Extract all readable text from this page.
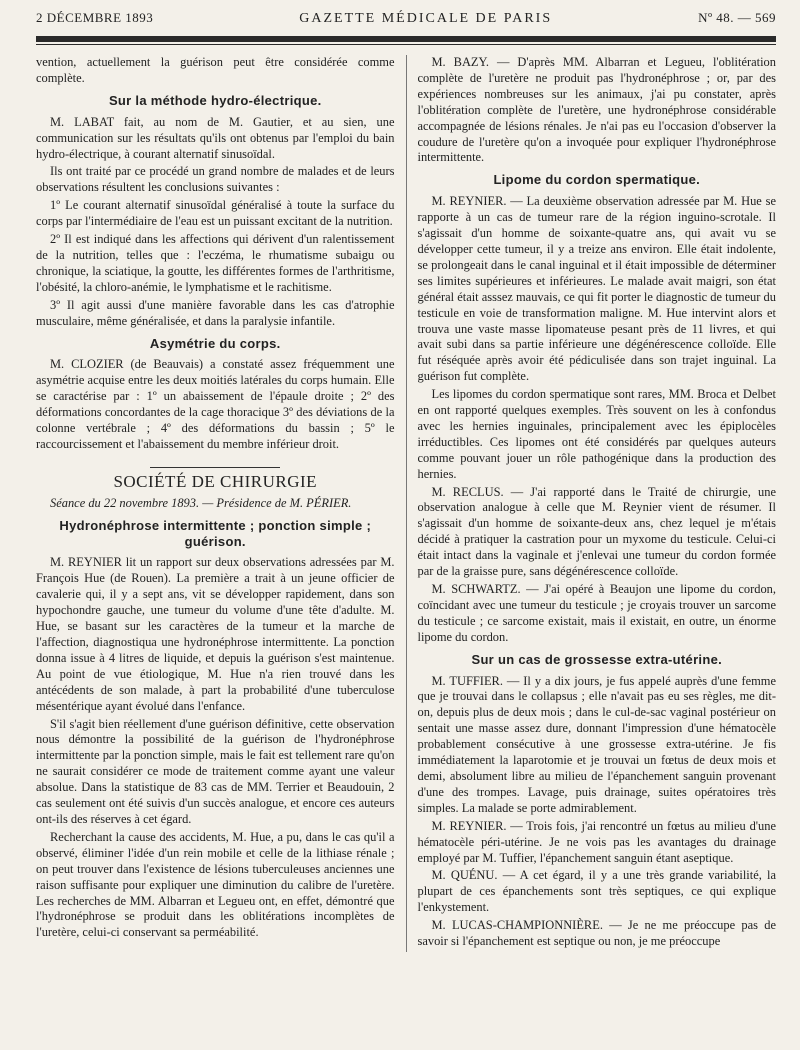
2 DÉCEMBRE 1893	GAZETTE MÉDICALE DE PARIS	Nº 48. — 569

vention, actuellement la guérison peut être considérée comme complète.

Sur la méthode hydro-électrique.

M. LABAT fait, au nom de M. Gautier, et au sien, une communication sur les résultats qu'ils ont obtenus par l'emploi du bain hydro-électrique, à courant alternatif sinusoïdal.

Ils ont traité par ce procédé un grand nombre de malades et de leurs observations résultent les conclusions suivantes :

1º Le courant alternatif sinusoïdal généralisé à toute la surface du corps par l'intermédiaire de l'eau est un puissant excitant de la nutrition.

2º Il est indiqué dans les affections qui dérivent d'un ralentissement de la nutrition, telles que : l'eczéma, le rhumatisme subaigu ou chronique, la sciatique, la goutte, les différentes formes de l'arthritisme, l'obésité, la chloro-anémie, le lymphatisme et le rachitisme.

3º Il agit aussi d'une manière favorable dans les cas d'atrophie musculaire, même généralisée, et dans la paralysie infantile.

Asymétrie du corps.

M. CLOZIER (de Beauvais) a constaté assez fréquemment une asymétrie acquise entre les deux moitiés latérales du corps humain. Elle se caractérise par : 1º un abaissement de l'épaule droite ; 2º des déformations concordantes de la cage thoracique 3º des déviations de la colonne vertébrale ; 4º des déformations du bassin ; 5º le raccourcissement et l'abaissement du membre inférieur droit.

SOCIÉTÉ DE CHIRURGIE

Séance du 22 novembre 1893. — Présidence de M. PÉRIER.

Hydronéphrose intermittente ; ponction simple ; guérison.

M. REYNIER lit un rapport sur deux observations adressées par M. François Hue (de Rouen). La première a trait à un jeune officier de cavalerie qui, il y a sept ans, vit se développer rapidement, dans son hypochondre gauche, une tumeur du volume d'une tête d'adulte. M. Hue, se basant sur les caractères de la tumeur et la marche de l'affection, diagnostiqua une hydronéphrose intermittente. La ponction donna issue à 4 litres de liquide, et depuis la guérison s'est maintenue. Au point de vue étiologique, M. Hue n'a rien trouvé dans les antécédents de son malade, à part la probabilité d'une tuberculose mésentérique ayant évolué dans l'enfance.

S'il s'agit bien réellement d'une guérison définitive, cette observation nous démontre la possibilité de la guérison de l'hydronéphrose intermittente par la ponction simple, mais le fait est tellement rare qu'on ne saurait considérer ce mode de traitement comme ayant une valeur absolue. Dans la statistique de 83 cas de MM. Terrier et Beaudouin, 2 cas seulement ont été suivis d'un succès analogue, et encore ces auteurs ont-ils des réserves à cet égard.

Recherchant la cause des accidents, M. Hue, a pu, dans le cas qu'il a observé, éliminer l'idée d'un rein mobile et celle de la lithiase rénale ; on peut trouver dans l'existence de lésions tuberculeuses anciennes une raison suffisante pour expliquer une diminution du calibre de l'uretère. Les recherches de MM. Albarran et Legueu ont, en effet, démontré que l'hydronéphrose se produit dans les oblitérations incomplètes de l'uretère, celui-ci conservant sa perméabilité.

M. BAZY. — D'après MM. Albarran et Legueu, l'oblitération complète de l'uretère ne produit pas l'hydronéphrose ; or, par des expériences nombreuses sur les animaux, j'ai pu constater, après l'oblitération complète de l'uretère, une hydronéphrose considérable accompagnée de lésions rénales. Je n'ai pas eu l'occasion d'observer la coudure de l'uretère qu'on a invoquée pour expliquer l'hydronéphrose intermittente.

Lipome du cordon spermatique.

M. REYNIER. — La deuxième observation adressée par M. Hue se rapporte à un cas de tumeur rare de la région inguino-scrotale. Il s'agissait d'un homme de soixante-quatre ans, qui avait vu se développer cette tumeur, il y a treize ans environ. Elle était indolente, se prolongeait dans le canal inguinal et il était impossible de déterminer ses limites supérieures et inférieures. Le malade avait maigri, son état général était asssez mauvais, ce qui fit porter le diagnostic de tumeur du testicule en voie de transformation maligne. M. Hue intervint alors et trouva une vaste masse lipomateuse pesant près de 11 livres, et qui avait subi dans sa partie inférieure une dégénérescence colloïde. Elle fut réséquée après avoir été pédiculisée dans son trajet inguinal. La guérison fut complète.

Les lipomes du cordon spermatique sont rares, MM. Broca et Delbet en ont rapporté quelques exemples. Très souvent on les à confondus avec les hernies inguinales, principalement avec les épiplocèles irréductibles. Ces lipomes ont été considérés par quelques auteurs comme pouvant jouer un rôle pathogénique dans la production des hernies.

M. RECLUS. — J'ai rapporté dans le Traité de chirurgie, une observation analogue à celle que M. Reynier vient de résumer. Il s'agissait d'un homme de soixante-deux ans, chez lequel je m'étais décidé à pratiquer la castration pour un myxome du testicule. Celui-ci était intact dans la vaginale et j'enlevai une tumeur du cordon formée par de la graisse pure, sans dégénérescence colloïde.

M. SCHWARTZ. — J'ai opéré à Beaujon une lipome du cordon, coïncidant avec une tumeur du testicule ; je croyais trouver un sarcome du testicule ; ce sarcome existait, mais il existait, en outre, un énorme lipome du cordon.

Sur un cas de grossesse extra-utérine.

M. TUFFIER. — Il y a dix jours, je fus appelé auprès d'une femme que je trouvai dans le collapsus ; elle n'avait pas eu ses règles, me dit-on, depuis plus de deux mois ; dans le cul-de-sac vaginal postérieur on sentait une masse assez dure, donnant l'impression d'une hématocèle probablement consécutive à une grossesse extra-utérine. Je fis immédiatement la laparotomie et je trouvai un fœtus de deux mois et demi, absolument libre au milieu de l'épanchement sanguin provenant d'une des trompes. Lavage, puis drainage, suites opératoires très simples. La malade se porte admirablement.

M. REYNIER. — Trois fois, j'ai rencontré un fœtus au milieu d'une hématocèle péri-utérine. Je ne vois pas les avantages du drainage employé par M. Tuffier, l'épanchement sanguin étant aseptique.

M. QUÉNU. — A cet égard, il y a une très grande variabilité, la plupart de ces épanchements sont très septiques, ce qui explique l'enkystement.

M. LUCAS-CHAMPIONNIÈRE. — Je ne me préoccupe pas de savoir si l'épanchement est septique ou non, je me préoccupe
